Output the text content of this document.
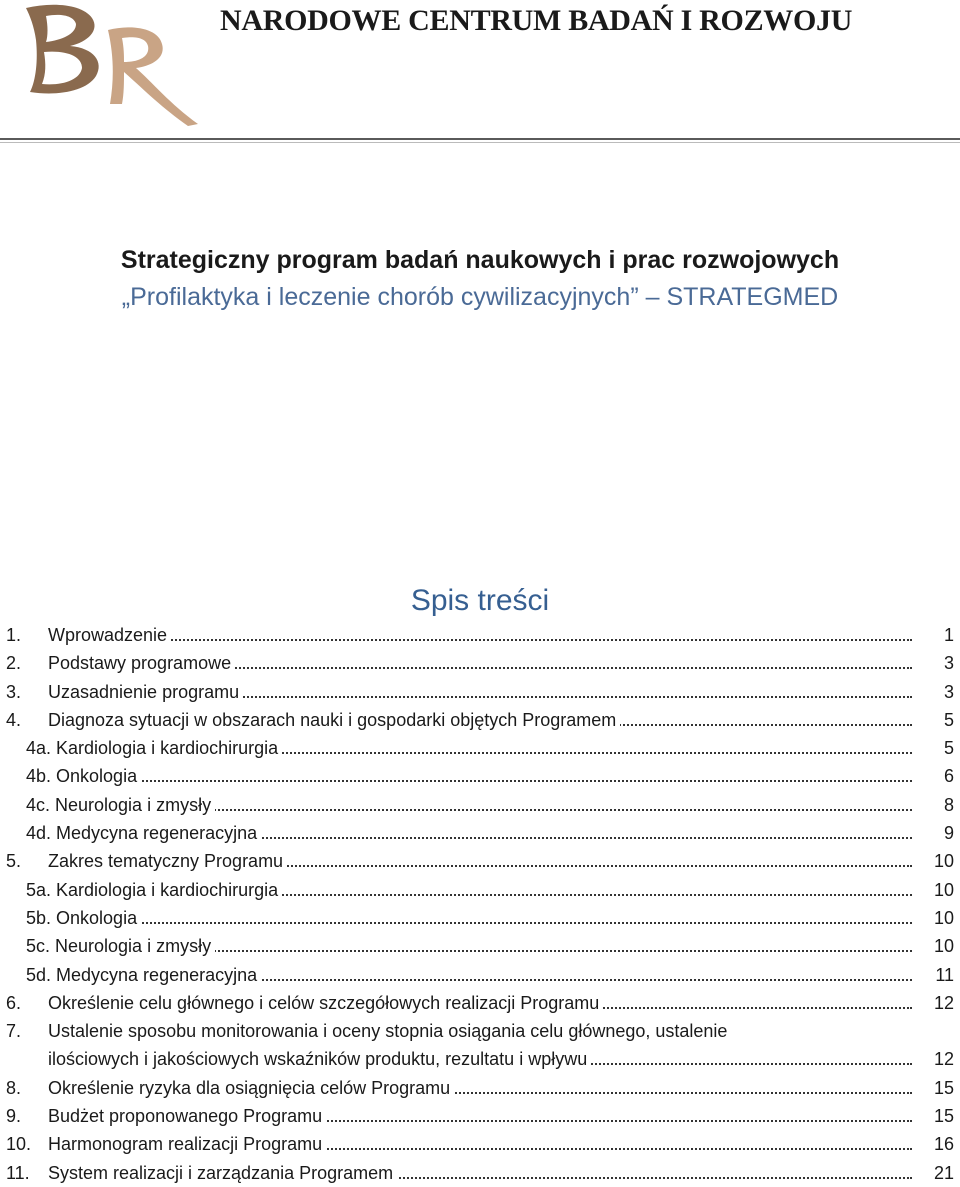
NARODOWE CENTRUM BADAŃ I ROZWOJU
Strategiczny program badań naukowych i prac rozwojowych
„Profilaktyka i leczenie chorób cywilizacyjnych” – STRATEGMED
Spis treści
1. Wprowadzenie	1
2. Podstawy programowe	3
3. Uzasadnienie programu	3
4. Diagnoza sytuacji w obszarach nauki i gospodarki objętych Programem	5
4a. Kardiologia i kardiochirurgia	5
4b. Onkologia	6
4c. Neurologia i zmysły	8
4d. Medycyna regeneracyjna	9
5. Zakres tematyczny Programu	10
5a. Kardiologia i kardiochirurgia	10
5b. Onkologia	10
5c. Neurologia i zmysły	10
5d. Medycyna regeneracyjna	11
6. Określenie celu głównego i celów szczegółowych realizacji Programu	12
7. Ustalenie sposobu monitorowania i oceny stopnia osiągania celu głównego, ustalenie
ilościowych i jakościowych wskaźników produktu, rezultatu i wpływu	12
8. Określenie ryzyka dla osiągnięcia celów Programu	15
9. Budżet proponowanego Programu	15
10. Harmonogram realizacji Programu	16
11. System realizacji i zarządzania Programem	21
